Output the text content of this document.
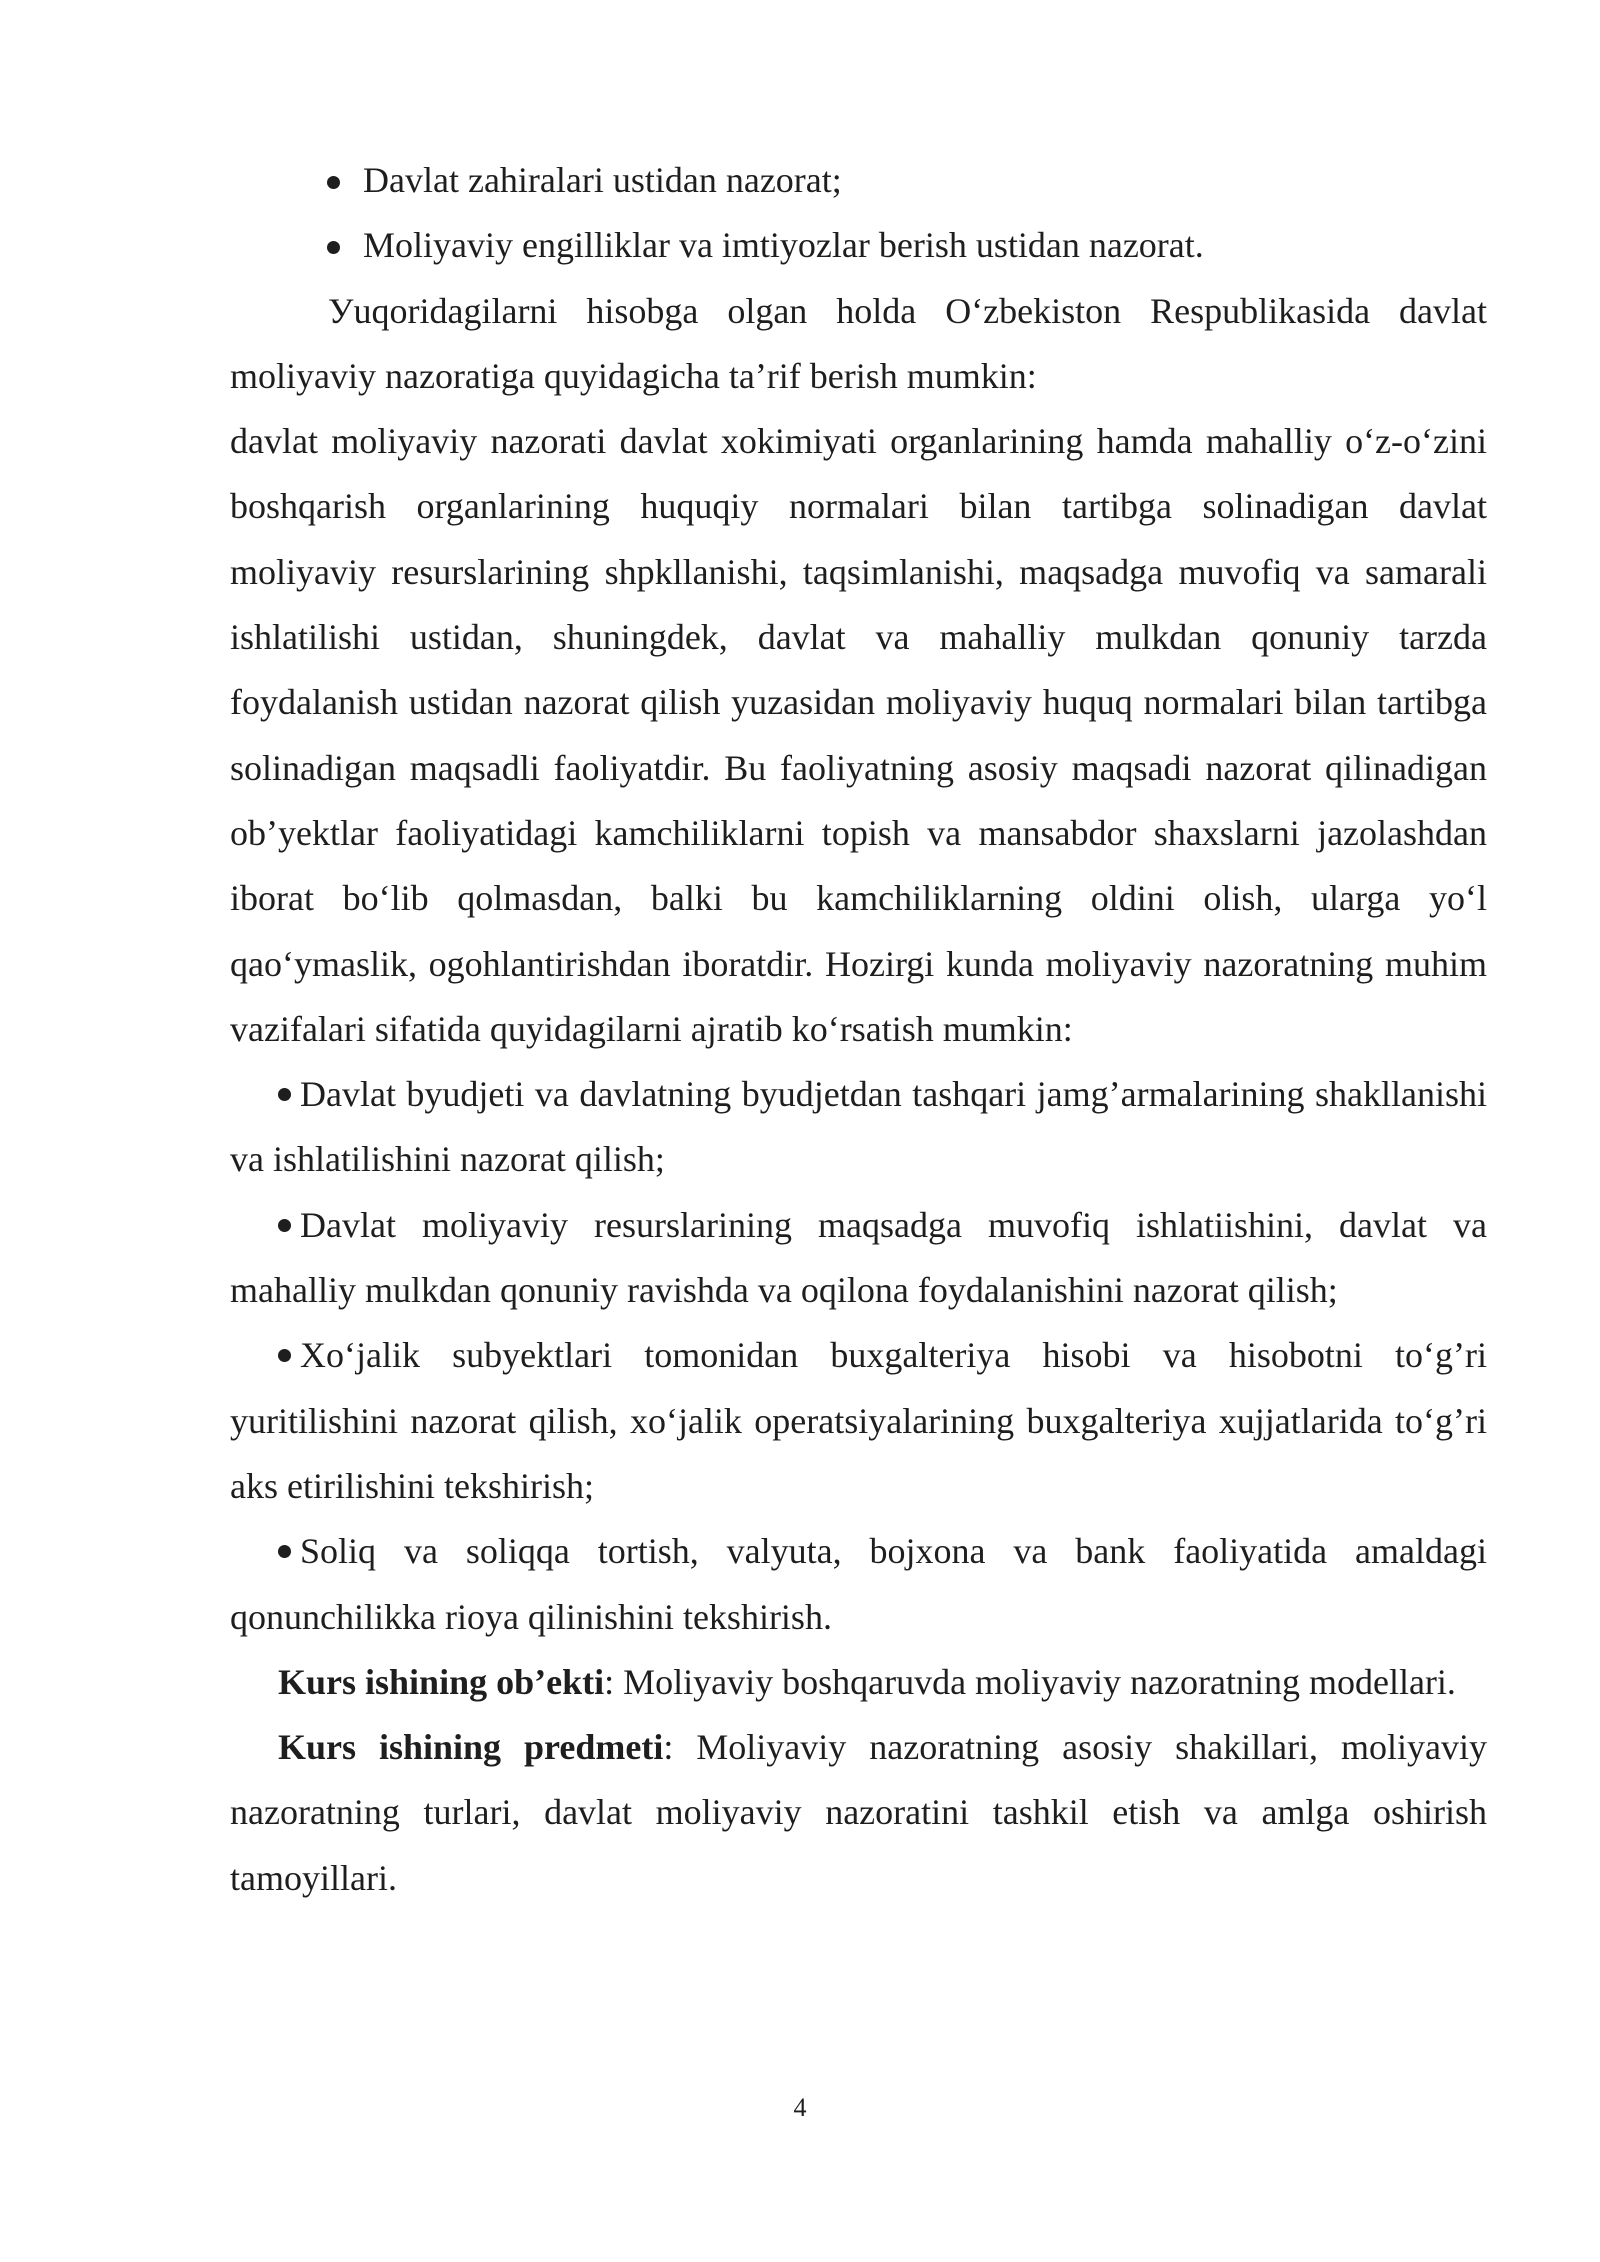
Davlat zahiralari ustidan nazorat;
Moliyaviy engilliklar va imtiyozlar berish ustidan nazorat.

Уuqoridagilarni hisobga olgan holda Oʻzbekiston Respublikasida davlat moliyaviy nazoratiga quyidagicha taʼrif berish mumkin:

davlat moliyaviy nazorati davlat xokimiyati organlarining hamda mahalliy oʻz-oʻzini boshqarish organlarining huquqiy normalari bilan tartibga solinadigan davlat moliyaviy resurslarining shpkllanishi, taqsimlanishi, maqsadga muvofiq va samarali ishlatilishi ustidan, shuningdek, davlat va mahalliy mulkdan qonuniy tarzda foydalanish ustidan nazorat qilish yuzasidan moliyaviy huquq normalari bilan tartibga solinadigan maqsadli faoliyatdir. Bu faoliyatning asosiy maqsadi nazorat qilinadigan obʼyektlar faoliyatidagi kamchiliklarni topish va mansabdor shaxslarni jazolashdan iborat boʻlib qolmasdan, balki bu kamchiliklarning oldini olish, ularga yoʻl qaoʻymaslik, ogohlantirishdan iboratdir. Hozirgi kunda moliyaviy nazoratning muhim vazifalari sifatida quyidagilarni ajratib koʻrsatish mumkin:

Davlat byudjeti va davlatning byudjetdan tashqari jamgʼarmalarining shakllanishi va ishlatilishini nazorat qilish;

Davlat moliyaviy resurslarining maqsadga muvofiq ishlatiishini, davlat va mahalliy mulkdan qonuniy ravishda va oqilona foydalanishini nazorat qilish;

Xoʻjalik subyektlari tomonidan buxgalteriya hisobi va hisobotni toʻgʼri yuritilishini nazorat qilish, xoʻjalik operatsiyalarining buxgalteriya xujjatlarida toʻgʼri aks etirilishini tekshirish;

Soliq va soliqqa tortish, valyuta, bojxona va bank faoliyatida amaldagi qonunchilikka rioya qilinishini tekshirish.

Kurs ishining obʼekti: Moliyaviy boshqaruvda moliyaviy nazoratning modellari.

Kurs ishining predmeti: Moliyaviy nazoratning asosiy shakillari, moliyaviy nazoratning turlari, davlat moliyaviy nazoratini tashkil etish va amlga oshirish tamoyillari.

4
